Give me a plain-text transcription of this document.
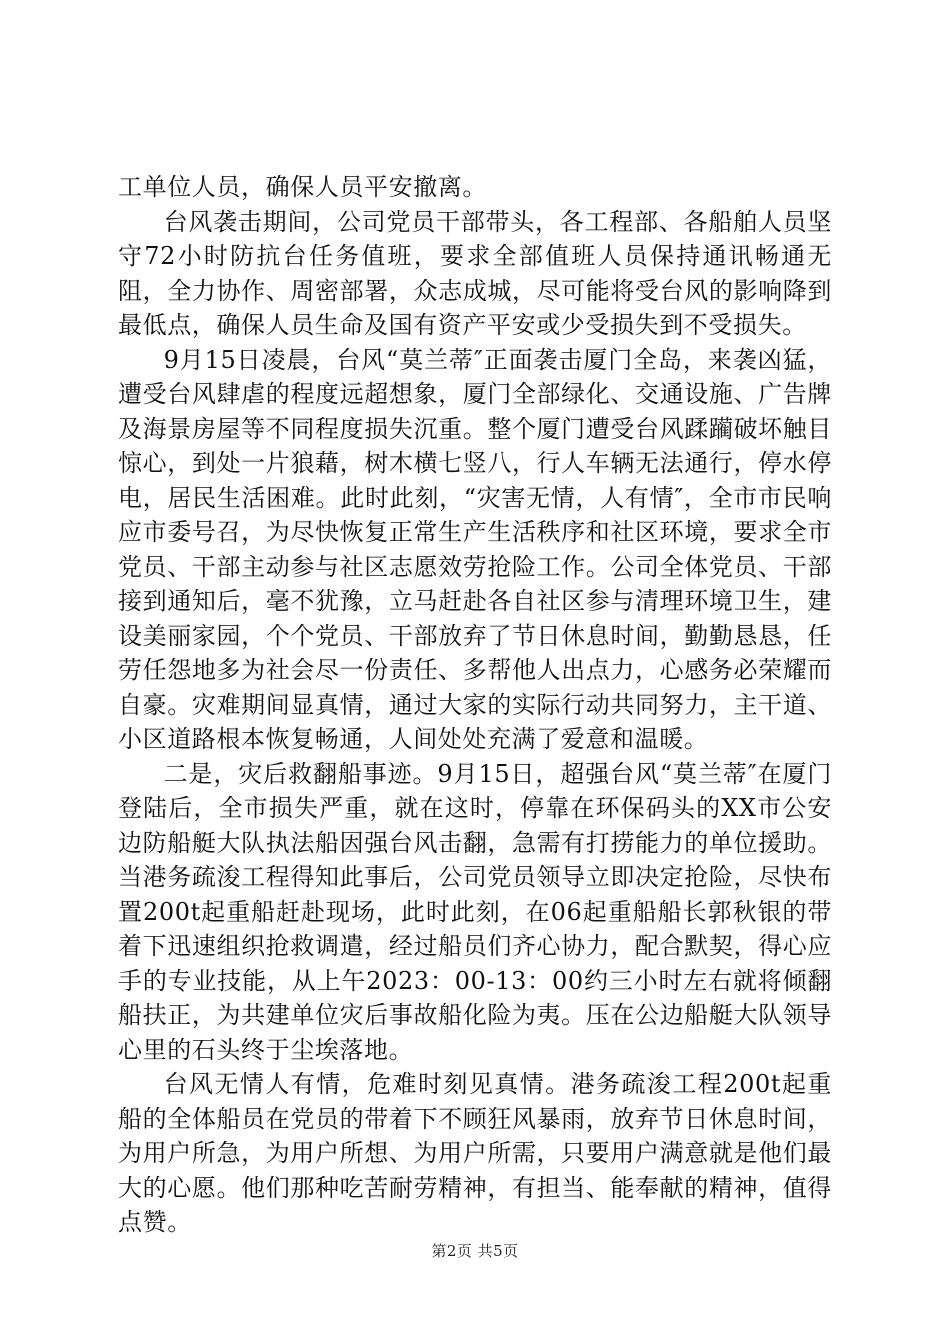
工单位人员，确保人员平安撤离。

台风袭击期间，公司党员干部带头，各工程部、各船舶人员坚守72小时防抗台任务值班，要求全部值班人员保持通讯畅通无阻，全力协作、周密部署，众志成城，尽可能将受台风的影响降到最低点，确保人员生命及国有资产平安或少受损失到不受损失。

9月15日凌晨，台风“莫兰蒂″正面袭击厦门全岛，来袭凶猛，遭受台风肆虐的程度远超想象，厦门全部绿化、交通设施、广告牌及海景房屋等不同程度损失沉重。整个厦门遭受台风蹂躏破坏触目惊心，到处一片狼藉，树木横七竖八，行人车辆无法通行，停水停电，居民生活困难。此时此刻，“灾害无情，人有情″，全市市民响应市委号召，为尽快恢复正常生产生活秩序和社区环境，要求全市党员、干部主动参与社区志愿效劳抢险工作。公司全体党员、干部接到通知后，毫不犹豫，立马赶赴各自社区参与清理环境卫生，建设美丽家园，个个党员、干部放弃了节日休息时间，勤勤恳恳，任劳任怨地多为社会尽一份责任、多帮他人出点力，心感务必荣耀而自豪。灾难期间显真情，通过大家的实际行动共同努力，主干道、小区道路根本恢复畅通，人间处处充满了爱意和温暖。

二是，灾后救翻船事迹。9月15日，超强台风“莫兰蒂″在厦门登陆后，全市损失严重，就在这时，停靠在环保码头的XX市公安边防船艇大队执法船因强台风击翻，急需有打捞能力的单位援助。当港务疏浚工程得知此事后，公司党员领导立即决定抢险，尽快布置200t起重船赶赴现场，此时此刻，在06起重船船长郭秋银的带着下迅速组织抢救调遣，经过船员们齐心协力，配合默契，得心应手的专业技能，从上午2023：00-13：00约三小时左右就将倾翻船扶正，为共建单位灾后事故船化险为夷。压在公边船艇大队领导心里的石头终于尘埃落地。

台风无情人有情，危难时刻见真情。港务疏浚工程200t起重船的全体船员在党员的带着下不顾狂风暴雨，放弃节日休息时间，为用户所急，为用户所想、为用户所需，只要用户满意就是他们最大的心愿。他们那种吃苦耐劳精神，有担当、能奉献的精神，值得点赞。

第2页 共5页
